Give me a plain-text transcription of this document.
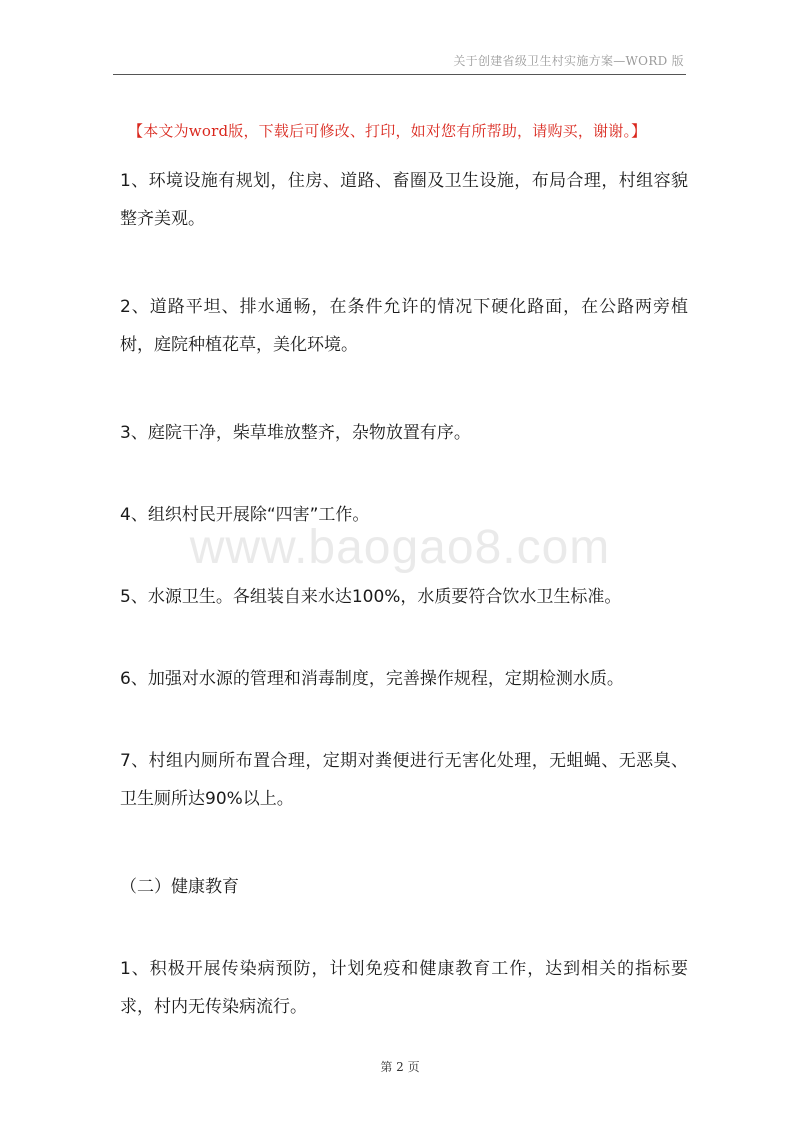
关于创建省级卫生村实施方案—WORD 版
【本文为word版，下载后可修改、打印，如对您有所帮助，请购买，谢谢。】

1、环境设施有规划，住房、道路、畜圈及卫生设施，布局合理，村组容貌整齐美观。

2、道路平坦、排水通畅，在条件允许的情况下硬化路面，在公路两旁植树，庭院种植花草，美化环境。

3、庭院干净，柴草堆放整齐，杂物放置有序。

4、组织村民开展除“四害”工作。

5、水源卫生。各组装自来水达100%，水质要符合饮水卫生标准。

6、加强对水源的管理和消毒制度，完善操作规程，定期检测水质。

7、村组内厕所布置合理，定期对粪便进行无害化处理，无蛆蝇、无恶臭、卫生厕所达90%以上。

（二）健康教育

1、积极开展传染病预防，计划免疫和健康教育工作，达到相关的指标要求，村内无传染病流行。

www.baogao8.com
第 2 页
